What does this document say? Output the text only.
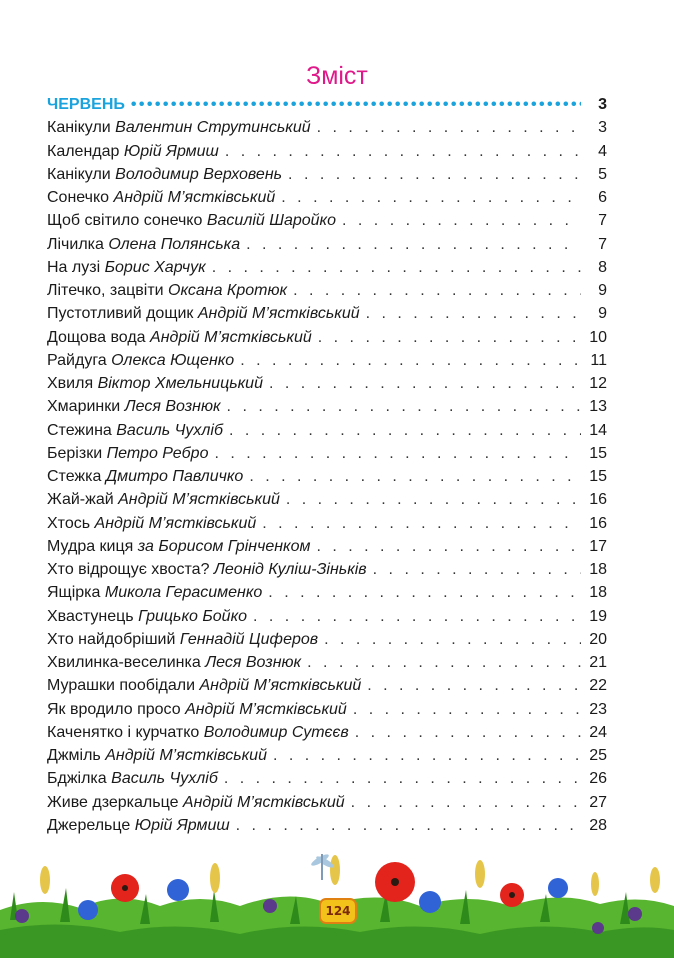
Зміст
ЧЕРВЕНЬ •••••	3
Канікули Валентин Струтинський . . .	3
Календар Юрій Ярмиш . . .	4
Канікули Володимир Верховень . . .	5
Сонечко Андрій М’ястківський . . .	6
Щоб світило сонечко Василій Шаройко . . .	7
Лічилка Олена Полянська . . .	7
На лузі Борис Харчук . . .	8
Літечко, зацвіти Оксана Кротюк . . .	9
Пустотливий дощик Андрій М’ястківський . . .	9
Дощова вода Андрій М’ястківський . . .	10
Райдуга Олекса Ющенко . . .	11
Хвиля Віктор Хмельницький . . .	12
Хмаринки Леся Вознюк . . .	13
Стежина Василь Чухліб . . .	14
Берізки Петро Ребро . . .	15
Стежка Дмитро Павличко . . .	15
Жай-жай Андрій М’ястківський . . .	16
Хтось Андрій М’ястківський . . .	16
Мудра киця за Борисом Грінченком . . .	17
Хто відрощує хвоста? Леонід Куліш-Зіньків . . .	18
Ящірка Микола Герасименко . . .	18
Хвастунець Грицько Бойко . . .	19
Хто найдобріший Геннадій Циферов . . .	20
Хвилинка-веселинка Леся Вознюк . . .	21
Мурашки пообідали Андрій М’ястківський . . .	22
Як вродило просо Андрій М’ястківський . . .	23
Каченятко і курчатко Володимир Сутєєв . . .	24
Джміль Андрій М’ястківський . . .	25
Бджілка Василь Чухліб . . .	26
Живе дзеркальце Андрій М’ястківський . . .	27
Джерельце Юрій Ярмиш . . .	28
124
